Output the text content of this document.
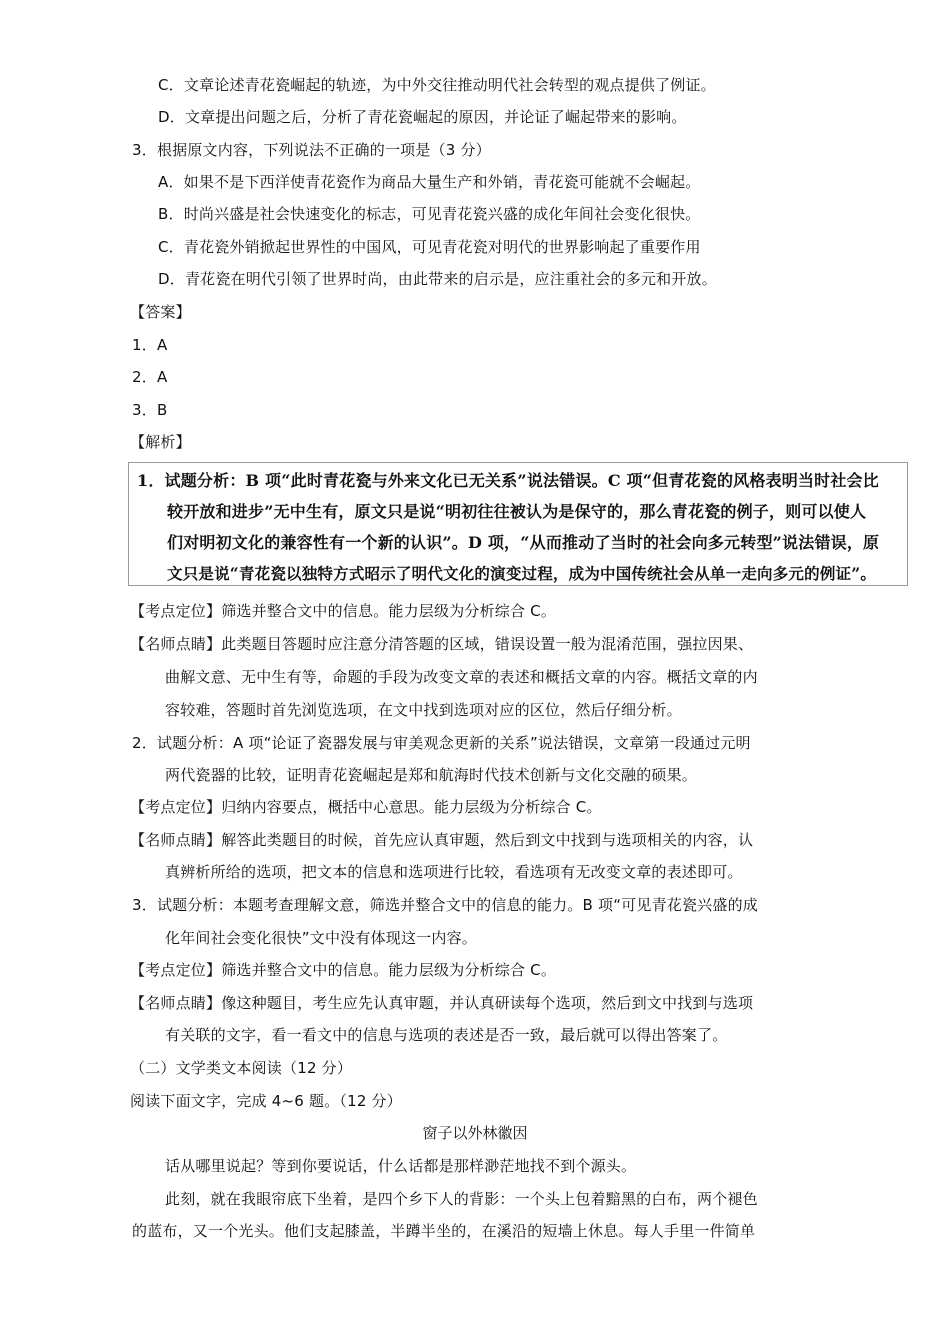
C．文章论述青花瓷崛起的轨迹，为中外交往推动明代社会转型的观点提供了例证。
D．文章提出问题之后，分析了青花瓷崛起的原因，并论证了崛起带来的影响。
3．根据原文内容，下列说法不正确的一项是（3 分）
A．如果不是下西洋使青花瓷作为商品大量生产和外销，青花瓷可能就不会崛起。
B．时尚兴盛是社会快速变化的标志，可见青花瓷兴盛的成化年间社会变化很快。
C．青花瓷外销掀起世界性的中国风，可见青花瓷对明代的世界影响起了重要作用
D．青花瓷在明代引领了世界时尚，由此带来的启示是，应注重社会的多元和开放。
【答案】
1．A
2．A
3．B
【解析】
1．试题分析：B 项“此时青花瓷与外来文化已无关系”说法错误。C 项“但青花瓷的风格表明当时社会比
较开放和进步”无中生有，原文只是说“明初往往被认为是保守的，那么青花瓷的例子，则可以使人
们对明初文化的兼容性有一个新的认识”。D 项，“从而推动了当时的社会向多元转型”说法错误，原
文只是说“青花瓷以独特方式昭示了明代文化的演变过程，成为中国传统社会从单一走向多元的例证”。
【考点定位】筛选并整合文中的信息。能力层级为分析综合 C。
【名师点睛】此类题目答题时应注意分清答题的区域，错误设置一般为混淆范围，强拉因果、
曲解文意、无中生有等，命题的手段为改变文章的表述和概括文章的内容。概括文章的内
容较难，答题时首先浏览选项，在文中找到选项对应的区位，然后仔细分析。
2．试题分析：A 项“论证了瓷器发展与审美观念更新的关系”说法错误，文章第一段通过元明
两代瓷器的比较，证明青花瓷崛起是郑和航海时代技术创新与文化交融的硕果。
【考点定位】归纳内容要点，概括中心意思。能力层级为分析综合 C。
【名师点睛】解答此类题目的时候，首先应认真审题，然后到文中找到与选项相关的内容，认
真辨析所给的选项，把文本的信息和选项进行比较，看选项有无改变文章的表述即可。
3．试题分析：本题考查理解文意，筛选并整合文中的信息的能力。B 项“可见青花瓷兴盛的成
化年间社会变化很快”文中没有体现这一内容。
【考点定位】筛选并整合文中的信息。能力层级为分析综合 C。
【名师点睛】像这种题目，考生应先认真审题，并认真研读每个选项，然后到文中找到与选项
有关联的文字，看一看文中的信息与选项的表述是否一致，最后就可以得出答案了。
（二）文学类文本阅读（12 分）
阅读下面文字，完成 4~6 题。（12 分）
窗子以外林徽因
话从哪里说起？等到你要说话，什么话都是那样渺茫地找不到个源头。
此刻，就在我眼帘底下坐着，是四个乡下人的背影：一个头上包着黯黑的白布，两个褪色
的蓝布，又一个光头。他们支起膝盖，半蹲半坐的，在溪沿的短墙上休息。每人手里一件简单
